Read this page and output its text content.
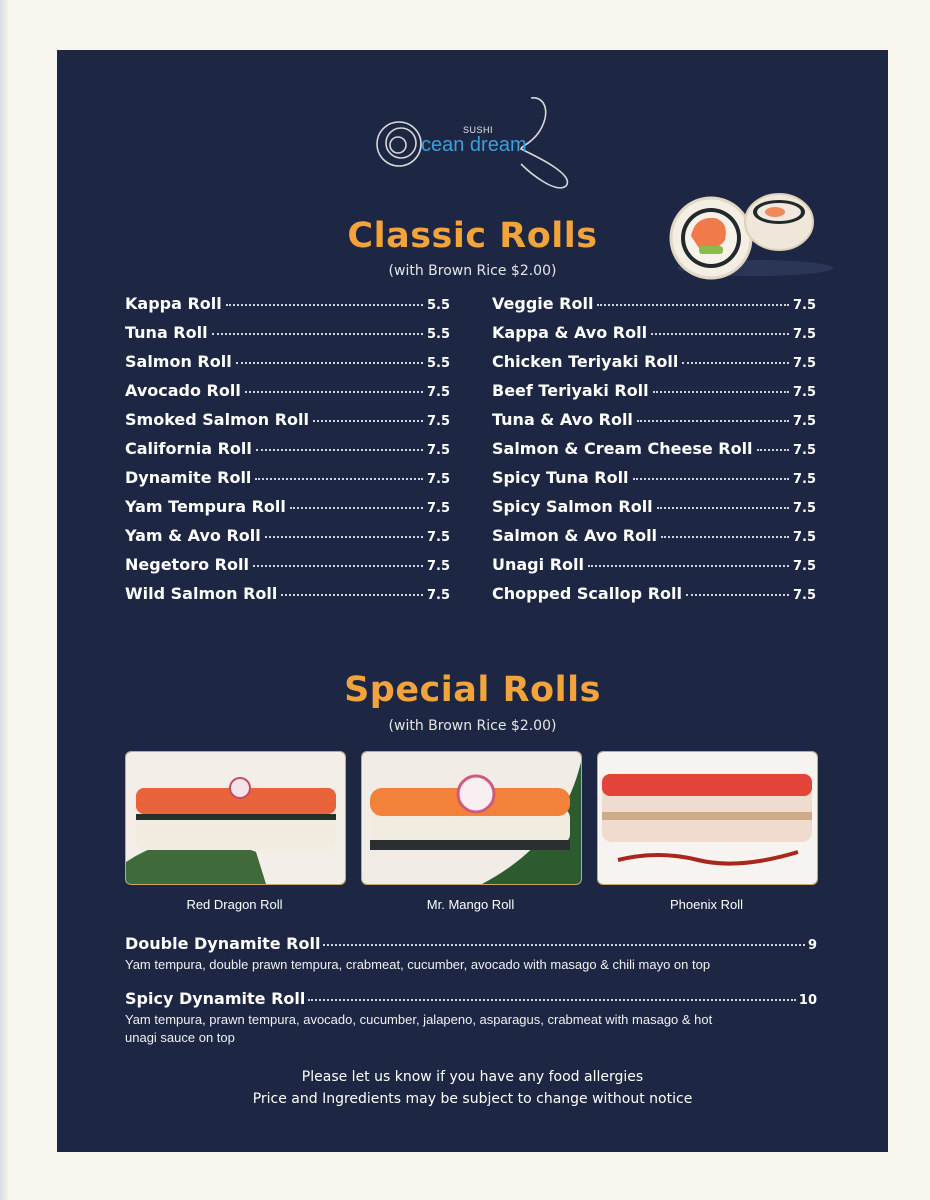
SUSHI
cean dream
Classic Rolls
(with Brown Rice $2.00)
Kappa Roll	5.5
Tuna Roll	5.5
Salmon Roll	5.5
Avocado Roll	7.5
Smoked Salmon Roll	7.5
California Roll	7.5
Dynamite Roll	7.5
Yam Tempura Roll	7.5
Yam & Avo Roll	7.5
Negetoro Roll	7.5
Wild Salmon Roll	7.5
Veggie Roll	7.5
Kappa & Avo Roll	7.5
Chicken Teriyaki Roll	7.5
Beef Teriyaki Roll	7.5
Tuna & Avo Roll	7.5
Salmon & Cream Cheese Roll	7.5
Spicy Tuna Roll	7.5
Spicy Salmon Roll	7.5
Salmon & Avo Roll	7.5
Unagi Roll	7.5
Chopped Scallop Roll	7.5
Special Rolls
(with Brown Rice $2.00)
Red Dragon Roll	Mr. Mango Roll	Phoenix Roll
Double Dynamite Roll	9
Yam tempura, double prawn tempura, crabmeat, cucumber, avocado with masago & chili mayo on top
Spicy Dynamite Roll	10
Yam tempura, prawn tempura, avocado, cucumber, jalapeno, asparagus, crabmeat with masago & hot unagi sauce on top
Please let us know if you have any food allergies
Price and Ingredients may be subject to change without notice
